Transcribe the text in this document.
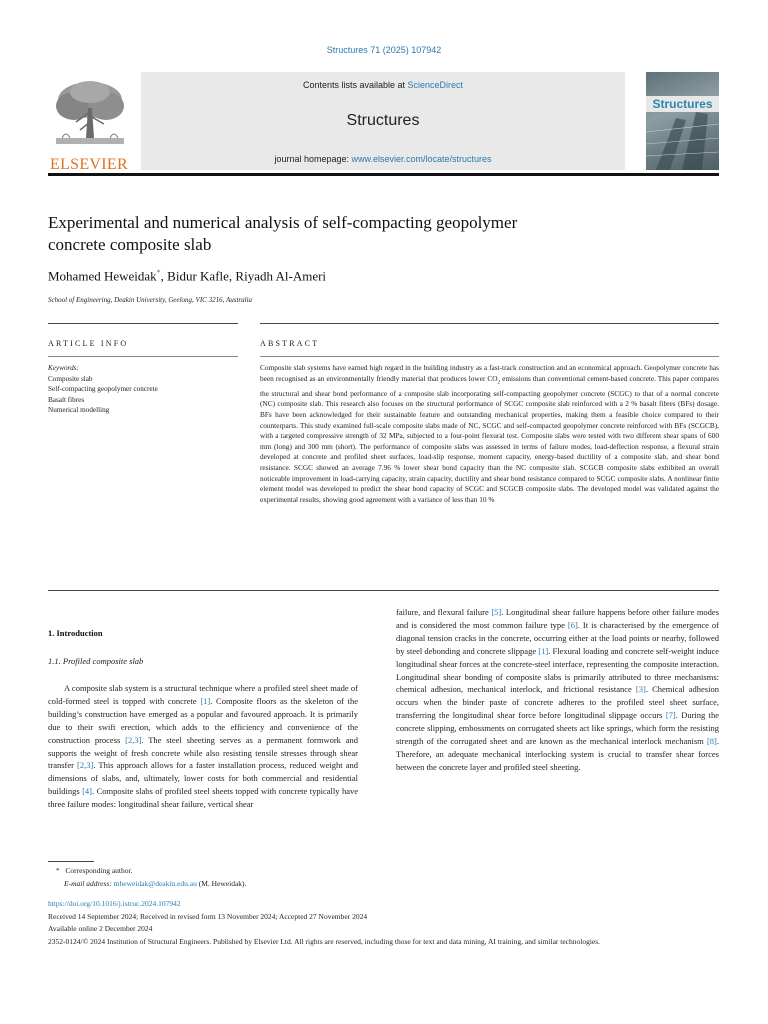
Structures 71 (2025) 107942
ELSEVIER
Contents lists available at ScienceDirect
Structures
journal homepage: www.elsevier.com/locate/structures
Structures
Experimental and numerical analysis of self-compacting geopolymer
concrete composite slab
Mohamed Heweidak*, Bidur Kafle, Riyadh Al-Ameri
School of Engineering, Deakin University, Geelong, VIC 3216, Australia
ARTICLE INFO	ABSTRACT
Keywords:
Composite slab
Self-compacting geopolymer concrete
Basalt fibres
Numerical modelling
Composite slab systems have earned high regard in the building industry as a fast-track construction and an economical approach. Geopolymer concrete has been recognised as an environmentally friendly material that produces lower $CO_2$ emissions than conventional cement-based concrete. This paper compares the structural and shear bond performance of a composite slab incorporating self-compacting geopolymer concrete (SCGC) to that of a normal concrete (NC) composite slab. This research also focuses on the structural performance of SCGC composite slab reinforced with a 2 % basalt fibres (BFs) dosage. BFs have been acknowledged for their sustainable feature and outstanding mechanical properties, making them a feasible choice compared to their counterparts. This study examined full-scale composite slabs made of NC, SCGC and self-compacted geopolymer concrete reinforced with BFs (SCGCB), with a targeted compressive strength of 32 MPa, subjected to a four-point flexural test. Composite slabs were tested with two different shear spans of 600 mm (long) and 300 mm (short). The performance of composite slabs was assessed in terms of failure modes, load-deflection response, a flexural strain developed at concrete and profiled sheet surfaces, load-slip response, moment capacity, energy-based ductility of a composite slab, and shear bond resistance. SCGC showed an average 7.96 % lower shear bond capacity than the NC composite slab. SCGCB composite slabs exhibited an overall noticeable improvement in load-carrying capacity, strain capacity, ductility and shear bond resistance compared to SCGC composite slabs. A nonlinear finite element model was developed to predict the shear bond capacity of SCGC and SCGCB composite slabs. The developed model was validated against the experimental results, showing good agreement with a variance of less than 10 %
1. Introduction
1.1. Profiled composite slab
A composite slab system is a structural technique where a profiled steel sheet made of cold-formed steel is topped with concrete [1]. Composite floors as the skeleton of the building’s construction have emerged as a popular and favoured approach. It is primarily due to their swift erection, which adds to the efficiency and convenience of the construction process [2,3]. The steel sheeting serves as a permanent formwork and supports the weight of fresh concrete while also resisting tensile stresses through shear transfer [2,3]. This approach allows for a faster installation process, reduced weight and dimensions of slabs, and, ultimately, lower costs for both commercial and residential buildings [4]. Composite slabs of profiled steel sheets topped with concrete typically have three failure modes: longitudinal shear failure, vertical shear
failure, and flexural failure [5]. Longitudinal shear failure happens before other failure modes and is considered the most common failure type [6]. It is characterised by the emergence of diagonal tension cracks in the concrete, occurring either at the load points or nearby, followed by steel debonding and concrete slippage [1]. Flexural loading and concrete self-weight induce longitudinal shear forces at the concrete-steel interface, representing the composite interaction. Longitudinal shear bonding of composite slabs is primarily attributed to three mechanisms: chemical adhesion, mechanical interlock, and frictional resistance [3]. Chemical adhesion occurs when the binder paste of concrete adheres to the profiled steel sheet surface, transferring the longitudinal shear force before longitudinal slippage occurs [7]. During the concrete slipping, embossments on corrugated sheets act like springs, which form the resisting strength of the corrugated sheet and are known as the mechanical interlock mechanism [8]. Therefore, an adequate mechanical interlocking system is crucial to transfer shear forces between the concrete layer and profiled steel sheeting.
* Corresponding author.
E-mail address: mheweidak@deakin.edu.au (M. Heweidak).
https://doi.org/10.1016/j.istruc.2024.107942
Received 14 September 2024; Received in revised form 13 November 2024; Accepted 27 November 2024
Available online 2 December 2024
2352-0124/© 2024 Institution of Structural Engineers. Published by Elsevier Ltd. All rights are reserved, including those for text and data mining, AI training, and similar technologies.
